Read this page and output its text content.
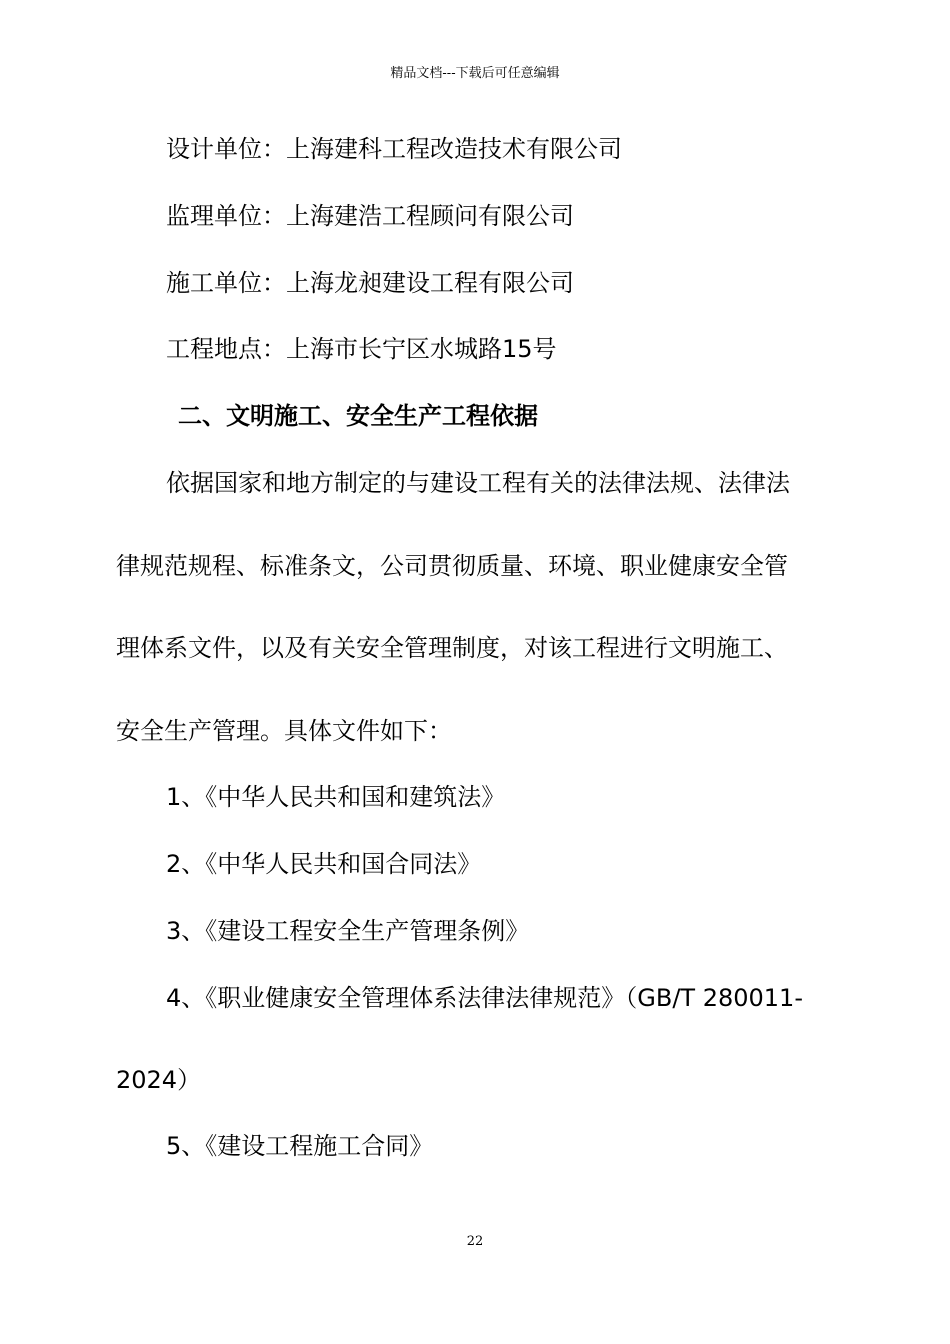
精品文档---下载后可任意编辑
设计单位：上海建科工程改造技术有限公司
监理单位：上海建浩工程顾问有限公司
施工单位：上海龙昶建设工程有限公司
工程地点：上海市长宁区水城路15号
二、文明施工、安全生产工程依据
依据国家和地方制定的与建设工程有关的法律法规、法律法
律规范规程、标准条文，公司贯彻质量、环境、职业健康安全管
理体系文件，以及有关安全管理制度，对该工程进行文明施工、
安全生产管理。具体文件如下：
1、《中华人民共和国和建筑法》
2、《中华人民共和国合同法》
3、《建设工程安全生产管理条例》
4、《职业健康安全管理体系法律法律规范》（GB/T 280011-
2024）
5、《建设工程施工合同》
22
